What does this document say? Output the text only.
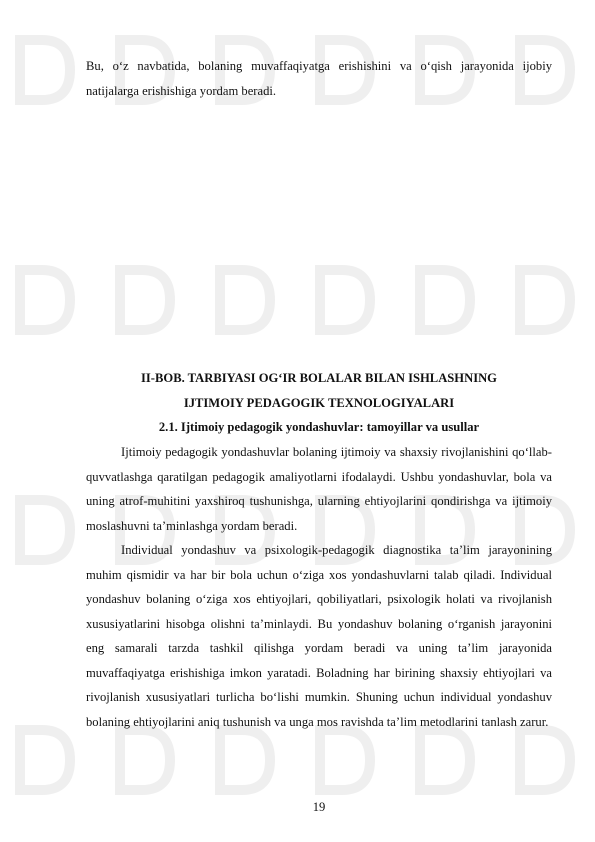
Bu, o‘z navbatida, bolaning muvaffaqiyatga erishishini va o‘qish jarayonida ijobiy natijalarga erishishiga yordam beradi.

II-BOB. TARBIYASI OG‘IR BOLALAR BILAN ISHLASHNING
IJTIMOIY PEDAGOGIK TEXNOLOGIYALARI
2.1. Ijtimoiy pedagogik yondashuvlar: tamoyillar va usullar

Ijtimoiy pedagogik yondashuvlar bolaning ijtimoiy va shaxsiy rivojlanishini qo‘llab-quvvatlashga qaratilgan pedagogik amaliyotlarni ifodalaydi. Ushbu yondashuvlar, bola va uning atrof-muhitini yaxshiroq tushunishga, ularning ehtiyojlarini qondirishga va ijtimoiy moslashuvni ta’minlashga yordam beradi.

Individual yondashuv va psixologik-pedagogik diagnostika ta’lim jarayonining muhim qismidir va har bir bola uchun o‘ziga xos yondashuvlarni talab qiladi. Individual yondashuv bolaning o‘ziga xos ehtiyojlari, qobiliyatlari, psixologik holati va rivojlanish xususiyatlarini hisobga olishni ta’minlaydi. Bu yondashuv bolaning o‘rganish jarayonini eng samarali tarzda tashkil qilishga yordam beradi va uning ta’lim jarayonida muvaffaqiyatga erishishiga imkon yaratadi. Boladning har birining shaxsiy ehtiyojlari va rivojlanish xususiyatlari turlicha bo‘lishi mumkin. Shuning uchun individual yondashuv bolaning ehtiyojlarini aniq tushunish va unga mos ravishda ta’lim metodlarini tanlash zarur.

19
